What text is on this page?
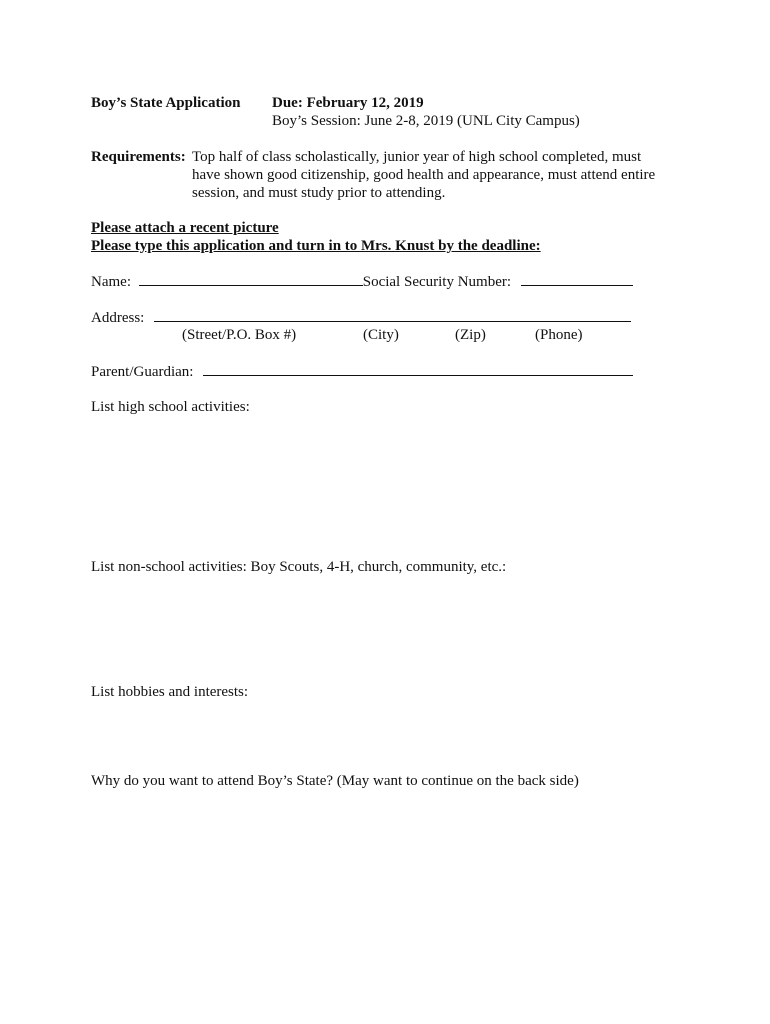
Boy’s State Application Due: February 12, 2019
Boy’s Session: June 2-8, 2019 (UNL City Campus)
Requirements: Top half of class scholastically, junior year of high school completed, must have shown good citizenship, good health and appearance, must attend entire session, and must study prior to attending.
Please attach a recent picture
Please type this application and turn in to Mrs. Knust by the deadline:
Name:	Social Security Number:
Address:
(Street/P.O. Box #)	(City)	(Zip)	(Phone)
Parent/Guardian:
List high school activities:
List non-school activities: Boy Scouts, 4-H, church, community, etc.:
List hobbies and interests:
Why do you want to attend Boy’s State? (May want to continue on the back side)
